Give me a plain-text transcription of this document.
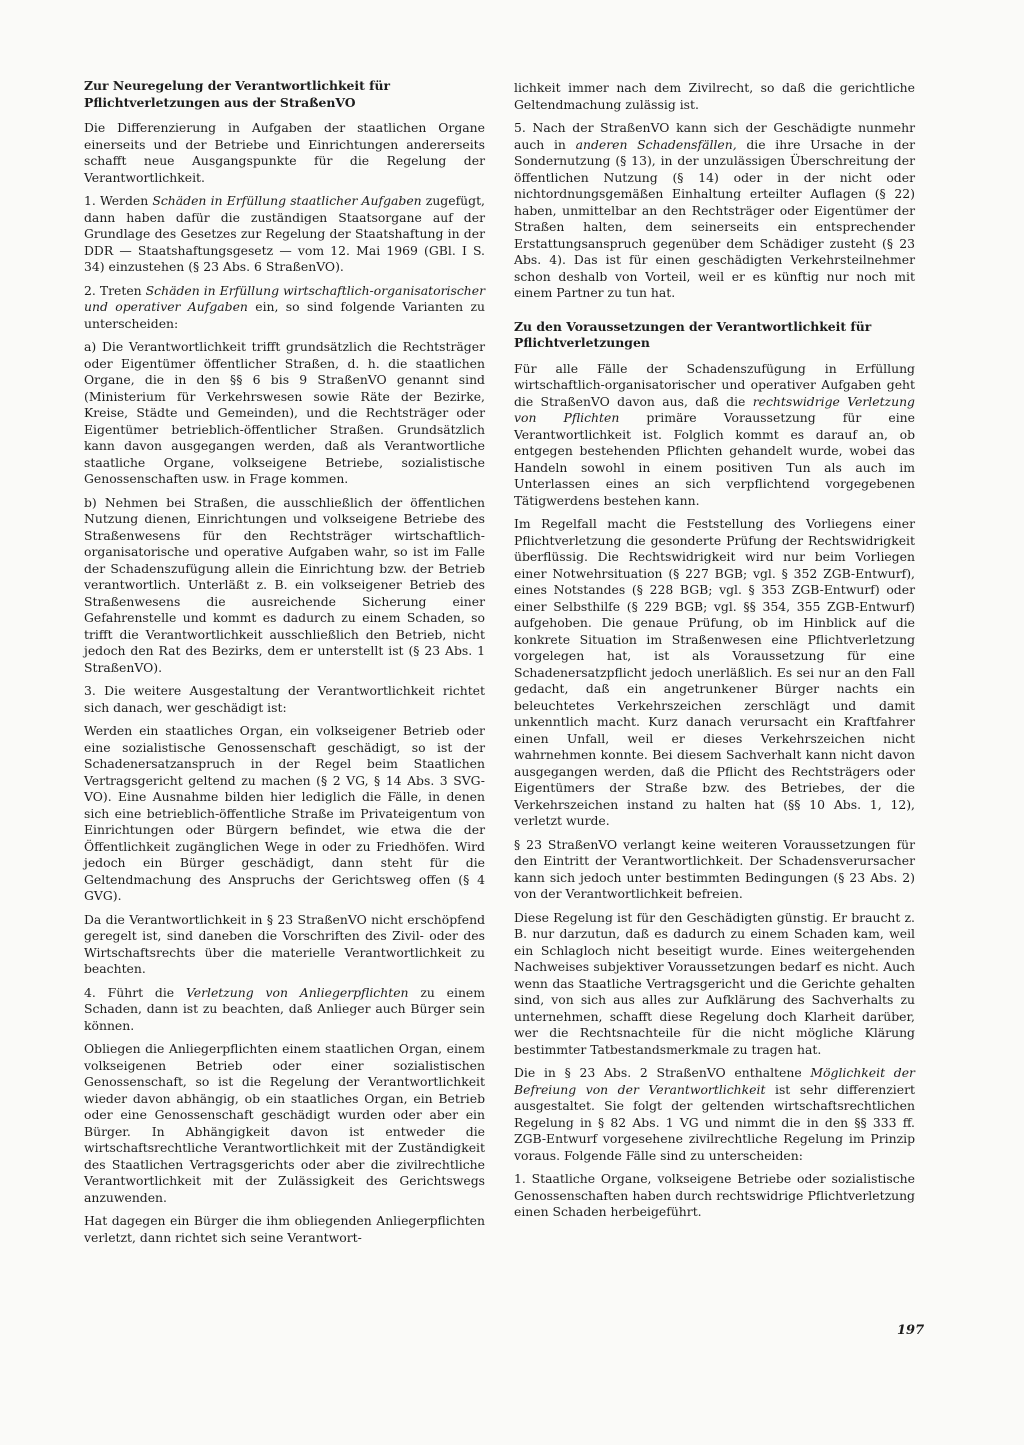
Zur Neuregelung der Verantwortlichkeit für Pflichtverletzungen aus der StraßenVO

Die Differenzierung in Aufgaben der staatlichen Organe einerseits und der Betriebe und Einrichtungen andererseits schafft neue Ausgangspunkte für die Regelung der Verantwortlichkeit.

1. Werden Schäden in Erfüllung staatlicher Aufgaben zugefügt, dann haben dafür die zuständigen Staatsorgane auf der Grundlage des Gesetzes zur Regelung der Staatshaftung in der DDR — Staatshaftungsgesetz — vom 12. Mai 1969 (GBl. I S. 34) einzustehen (§ 23 Abs. 6 StraßenVO).

2. Treten Schäden in Erfüllung wirtschaftlich-organisatorischer und operativer Aufgaben ein, so sind folgende Varianten zu unterscheiden:

a) Die Verantwortlichkeit trifft grundsätzlich die Rechtsträger oder Eigentümer öffentlicher Straßen, d. h. die staatlichen Organe, die in den §§ 6 bis 9 StraßenVO genannt sind (Ministerium für Verkehrswesen sowie Räte der Bezirke, Kreise, Städte und Gemeinden), und die Rechtsträger oder Eigentümer betrieblich-öffentlicher Straßen. Grundsätzlich kann davon ausgegangen werden, daß als Verantwortliche staatliche Organe, volkseigene Betriebe, sozialistische Genossenschaften usw. in Frage kommen.

b) Nehmen bei Straßen, die ausschließlich der öffentlichen Nutzung dienen, Einrichtungen und volkseigene Betriebe des Straßenwesens für den Rechtsträger wirtschaftlich-organisatorische und operative Aufgaben wahr, so ist im Falle der Schadenszufügung allein die Einrichtung bzw. der Betrieb verantwortlich. Unterläßt z. B. ein volkseigener Betrieb des Straßenwesens die ausreichende Sicherung einer Gefahrenstelle und kommt es dadurch zu einem Schaden, so trifft die Verantwortlichkeit ausschließlich den Betrieb, nicht jedoch den Rat des Bezirks, dem er unterstellt ist (§ 23 Abs. 1 StraßenVO).

3. Die weitere Ausgestaltung der Verantwortlichkeit richtet sich danach, wer geschädigt ist:

Werden ein staatliches Organ, ein volkseigener Betrieb oder eine sozialistische Genossenschaft geschädigt, so ist der Schadenersatzanspruch in der Regel beim Staatlichen Vertragsgericht geltend zu machen (§ 2 VG, § 14 Abs. 3 SVG-VO). Eine Ausnahme bilden hier lediglich die Fälle, in denen sich eine betrieblich-öffentliche Straße im Privateigentum von Einrichtungen oder Bürgern befindet, wie etwa die der Öffentlichkeit zugänglichen Wege in oder zu Friedhöfen. Wird jedoch ein Bürger geschädigt, dann steht für die Geltendmachung des Anspruchs der Gerichtsweg offen (§ 4 GVG).

Da die Verantwortlichkeit in § 23 StraßenVO nicht erschöpfend geregelt ist, sind daneben die Vorschriften des Zivil- oder des Wirtschaftsrechts über die materielle Verantwortlichkeit zu beachten.

4. Führt die Verletzung von Anliegerpflichten zu einem Schaden, dann ist zu beachten, daß Anlieger auch Bürger sein können.

Obliegen die Anliegerpflichten einem staatlichen Organ, einem volkseigenen Betrieb oder einer sozialistischen Genossenschaft, so ist die Regelung der Verantwortlichkeit wieder davon abhängig, ob ein staatliches Organ, ein Betrieb oder eine Genossenschaft geschädigt wurden oder aber ein Bürger. In Abhängigkeit davon ist entweder die wirtschaftsrechtliche Verantwortlichkeit mit der Zuständigkeit des Staatlichen Vertragsgerichts oder aber die zivilrechtliche Verantwortlichkeit mit der Zulässigkeit des Gerichtswegs anzuwenden.

Hat dagegen ein Bürger die ihm obliegenden Anliegerpflichten verletzt, dann richtet sich seine Verantwort-

lichkeit immer nach dem Zivilrecht, so daß die gerichtliche Geltendmachung zulässig ist.

5. Nach der StraßenVO kann sich der Geschädigte nunmehr auch in anderen Schadensfällen, die ihre Ursache in der Sondernutzung (§ 13), in der unzulässigen Überschreitung der öffentlichen Nutzung (§ 14) oder in der nicht oder nichtordnungsgemäßen Einhaltung erteilter Auflagen (§ 22) haben, unmittelbar an den Rechtsträger oder Eigentümer der Straßen halten, dem seinerseits ein entsprechender Erstattungsanspruch gegenüber dem Schädiger zusteht (§ 23 Abs. 4). Das ist für einen geschädigten Verkehrsteilnehmer schon deshalb von Vorteil, weil er es künftig nur noch mit einem Partner zu tun hat.

Zu den Voraussetzungen der Verantwortlichkeit für Pflichtverletzungen

Für alle Fälle der Schadenszufügung in Erfüllung wirtschaftlich-organisatorischer und operativer Aufgaben geht die StraßenVO davon aus, daß die rechtswidrige Verletzung von Pflichten primäre Voraussetzung für eine Verantwortlichkeit ist. Folglich kommt es darauf an, ob entgegen bestehenden Pflichten gehandelt wurde, wobei das Handeln sowohl in einem positiven Tun als auch im Unterlassen eines an sich verpflichtend vorgegebenen Tätigwerdens bestehen kann.

Im Regelfall macht die Feststellung des Vorliegens einer Pflichtverletzung die gesonderte Prüfung der Rechtswidrigkeit überflüssig. Die Rechtswidrigkeit wird nur beim Vorliegen einer Notwehrsituation (§ 227 BGB; vgl. § 352 ZGB-Entwurf), eines Notstandes (§ 228 BGB; vgl. § 353 ZGB-Entwurf) oder einer Selbsthilfe (§ 229 BGB; vgl. §§ 354, 355 ZGB-Entwurf) aufgehoben. Die genaue Prüfung, ob im Hinblick auf die konkrete Situation im Straßenwesen eine Pflichtverletzung vorgelegen hat, ist als Voraussetzung für eine Schadenersatzpflicht jedoch unerläßlich. Es sei nur an den Fall gedacht, daß ein angetrunkener Bürger nachts ein beleuchtetes Verkehrszeichen zerschlägt und damit unkenntlich macht. Kurz danach verursacht ein Kraftfahrer einen Unfall, weil er dieses Verkehrszeichen nicht wahrnehmen konnte. Bei diesem Sachverhalt kann nicht davon ausgegangen werden, daß die Pflicht des Rechtsträgers oder Eigentümers der Straße bzw. des Betriebes, der die Verkehrszeichen instand zu halten hat (§§ 10 Abs. 1, 12), verletzt wurde.

§ 23 StraßenVO verlangt keine weiteren Voraussetzungen für den Eintritt der Verantwortlichkeit. Der Schadensverursacher kann sich jedoch unter bestimmten Bedingungen (§ 23 Abs. 2) von der Verantwortlichkeit befreien.

Diese Regelung ist für den Geschädigten günstig. Er braucht z. B. nur darzutun, daß es dadurch zu einem Schaden kam, weil ein Schlagloch nicht beseitigt wurde. Eines weitergehenden Nachweises subjektiver Voraussetzungen bedarf es nicht. Auch wenn das Staatliche Vertragsgericht und die Gerichte gehalten sind, von sich aus alles zur Aufklärung des Sachverhalts zu unternehmen, schafft diese Regelung doch Klarheit darüber, wer die Rechtsnachteile für die nicht mögliche Klärung bestimmter Tatbestandsmerkmale zu tragen hat.

Die in § 23 Abs. 2 StraßenVO enthaltene Möglichkeit der Befreiung von der Verantwortlichkeit ist sehr differenziert ausgestaltet. Sie folgt der geltenden wirtschaftsrechtlichen Regelung in § 82 Abs. 1 VG und nimmt die in den §§ 333 ff. ZGB-Entwurf vorgesehene zivilrechtliche Regelung im Prinzip voraus. Folgende Fälle sind zu unterscheiden:

1. Staatliche Organe, volkseigene Betriebe oder sozialistische Genossenschaften haben durch rechtswidrige Pflichtverletzung einen Schaden herbeigeführt.

197
